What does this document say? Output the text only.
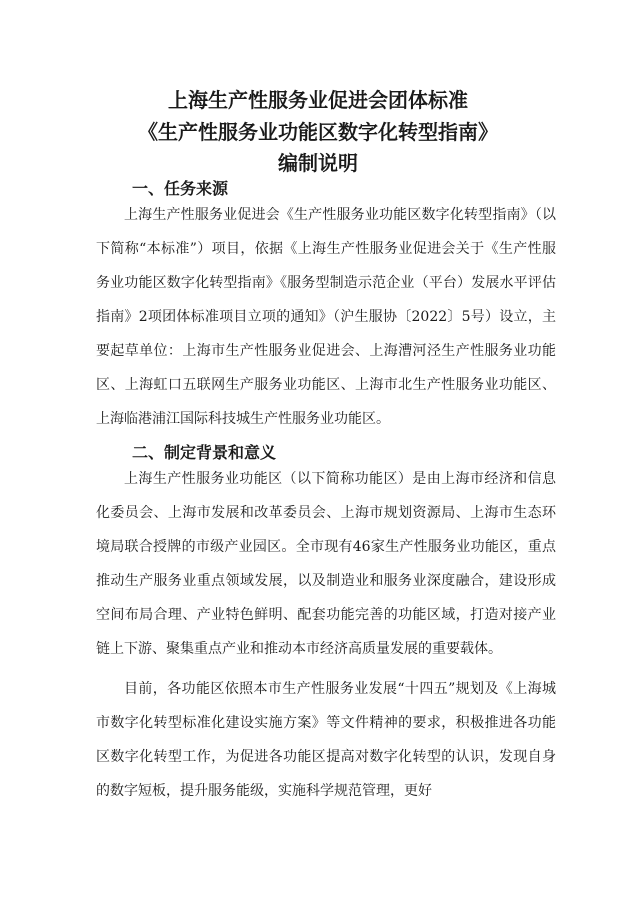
上海生产性服务业促进会团体标准
《生产性服务业功能区数字化转型指南》
编制说明
一、任务来源

上海生产性服务业促进会《生产性服务业功能区数字化转型指南》（以下简称“本标准”）项目，依据《上海生产性服务业促进会关于《生产性服务业功能区数字化转型指南》《服务型制造示范企业（平台）发展水平评估指南》2项团体标准项目立项的通知》（沪生服协〔2022〕5号）设立，主要起草单位：上海市生产性服务业促进会、上海漕河泾生产性服务业功能区、上海虹口五联网生产服务业功能区、上海市北生产性服务业功能区、上海临港浦江国际科技城生产性服务业功能区。

二、制定背景和意义

上海生产性服务业功能区（以下简称功能区）是由上海市经济和信息化委员会、上海市发展和改革委员会、上海市规划资源局、上海市生态环境局联合授牌的市级产业园区。全市现有46家生产性服务业功能区，重点推动生产服务业重点领域发展，以及制造业和服务业深度融合，建设形成空间布局合理、产业特色鲜明、配套功能完善的功能区域，打造对接产业链上下游、聚集重点产业和推动本市经济高质量发展的重要载体。

目前，各功能区依照本市生产性服务业发展“十四五”规划及《上海城市数字化转型标准化建设实施方案》等文件精神的要求，积极推进各功能区数字化转型工作，为促进各功能区提高对数字化转型的认识，发现自身的数字短板，提升服务能级，实施科学规范管理，更好
